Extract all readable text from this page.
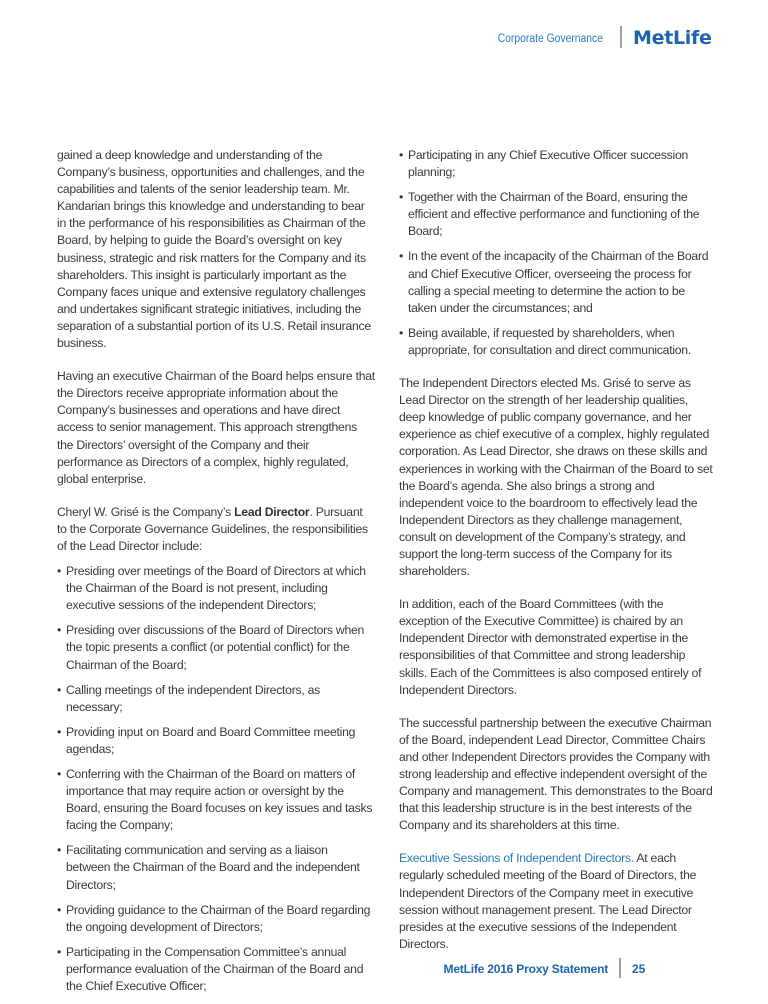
Corporate Governance MetLife

gained a deep knowledge and understanding of the Company’s business, opportunities and challenges, and the capabilities and talents of the senior leadership team. Mr. Kandarian brings this knowledge and understanding to bear in the performance of his responsibilities as Chairman of the Board, by helping to guide the Board’s oversight on key business, strategic and risk matters for the Company and its shareholders. This insight is particularly important as the Company faces unique and extensive regulatory challenges and undertakes significant strategic initiatives, including the separation of a substantial portion of its U.S. Retail insurance business.

Having an executive Chairman of the Board helps ensure that the Directors receive appropriate information about the Company’s businesses and operations and have direct access to senior management. This approach strengthens the Directors’ oversight of the Company and their performance as Directors of a complex, highly regulated, global enterprise.

Cheryl W. Grisé is the Company’s Lead Director. Pursuant to the Corporate Governance Guidelines, the responsibilities of the Lead Director include:

• Presiding over meetings of the Board of Directors at which the Chairman of the Board is not present, including executive sessions of the independent Directors;
• Presiding over discussions of the Board of Directors when the topic presents a conflict (or potential conflict) for the Chairman of the Board;
• Calling meetings of the independent Directors, as necessary;
• Providing input on Board and Board Committee meeting agendas;
• Conferring with the Chairman of the Board on matters of importance that may require action or oversight by the Board, ensuring the Board focuses on key issues and tasks facing the Company;
• Facilitating communication and serving as a liaison between the Chairman of the Board and the independent Directors;
• Providing guidance to the Chairman of the Board regarding the ongoing development of Directors;
• Participating in the Compensation Committee’s annual performance evaluation of the Chairman of the Board and the Chief Executive Officer;
• Participating in any Chief Executive Officer succession planning;
• Together with the Chairman of the Board, ensuring the efficient and effective performance and functioning of the Board;
• In the event of the incapacity of the Chairman of the Board and Chief Executive Officer, overseeing the process for calling a special meeting to determine the action to be taken under the circumstances; and
• Being available, if requested by shareholders, when appropriate, for consultation and direct communication.

The Independent Directors elected Ms. Grisé to serve as Lead Director on the strength of her leadership qualities, deep knowledge of public company governance, and her experience as chief executive of a complex, highly regulated corporation. As Lead Director, she draws on these skills and experiences in working with the Chairman of the Board to set the Board’s agenda. She also brings a strong and independent voice to the boardroom to effectively lead the Independent Directors as they challenge management, consult on development of the Company’s strategy, and support the long-term success of the Company for its shareholders.

In addition, each of the Board Committees (with the exception of the Executive Committee) is chaired by an Independent Director with demonstrated expertise in the responsibilities of that Committee and strong leadership skills. Each of the Committees is also composed entirely of Independent Directors.

The successful partnership between the executive Chairman of the Board, independent Lead Director, Committee Chairs and other Independent Directors provides the Company with strong leadership and effective independent oversight of the Company and management. This demonstrates to the Board that this leadership structure is in the best interests of the Company and its shareholders at this time.

Executive Sessions of Independent Directors. At each regularly scheduled meeting of the Board of Directors, the Independent Directors of the Company meet in executive session without management present. The Lead Director presides at the executive sessions of the Independent Directors.

MetLife 2016 Proxy Statement 25
